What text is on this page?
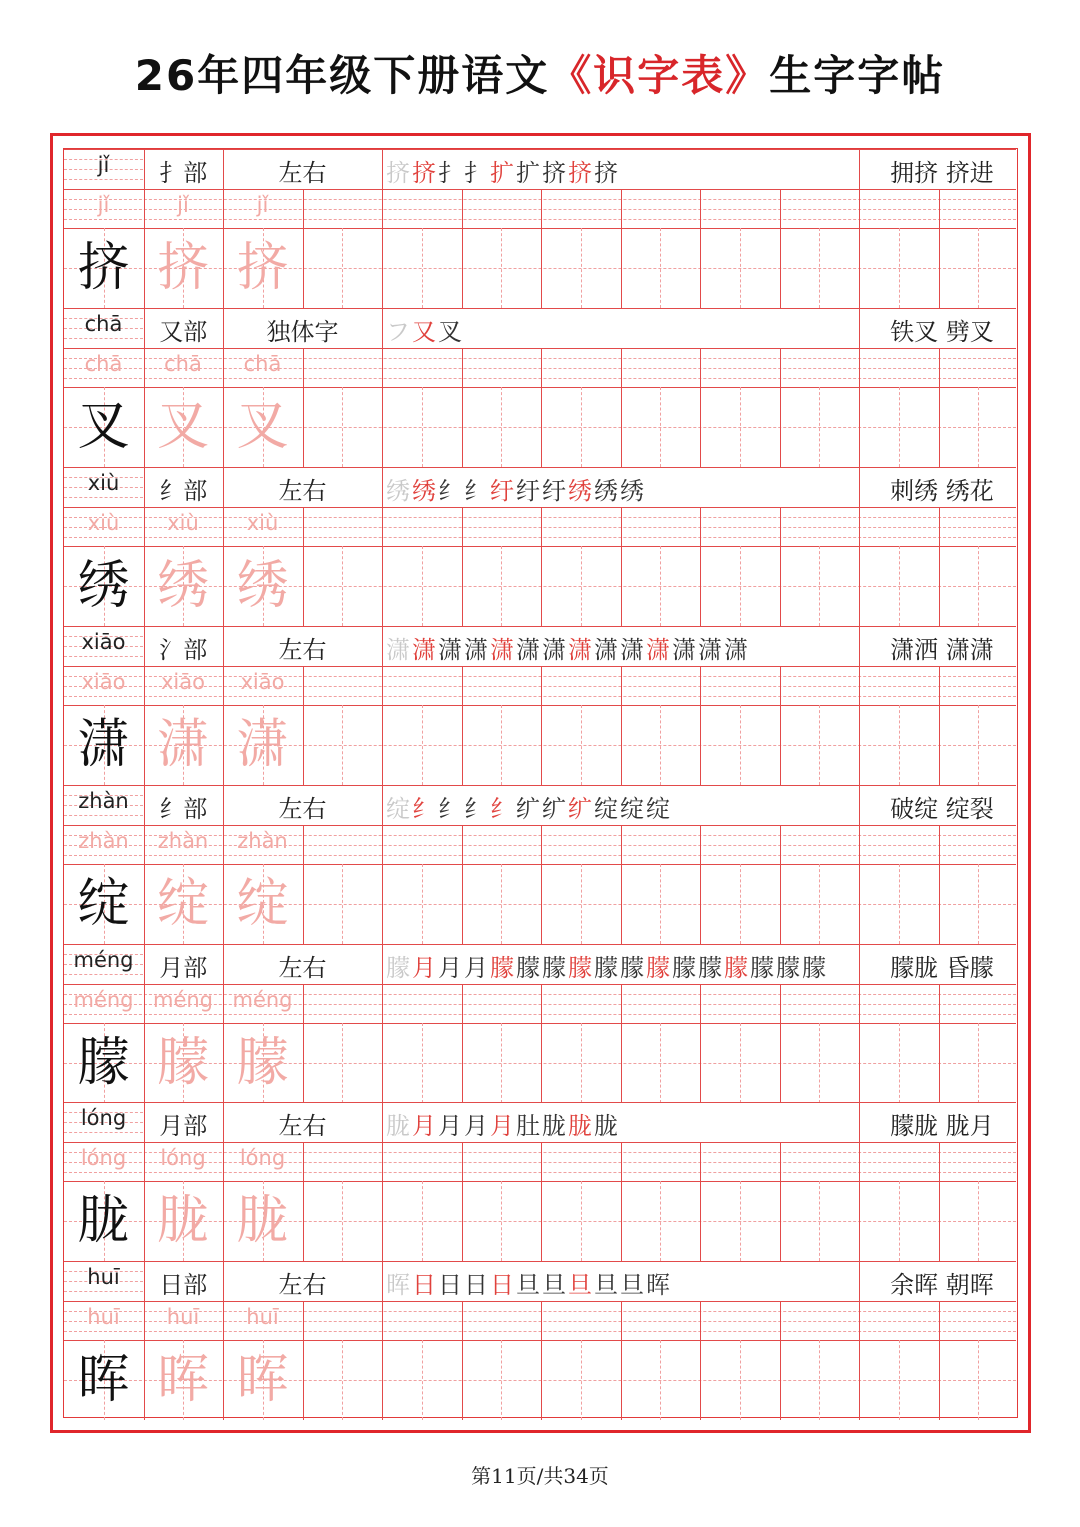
26年四年级下册语文《识字表》生字字帖
jǐ	扌部	左右	挤挤扌扌扩扩挤挤挤	拥挤 挤进
jǐ	jǐ	jǐ
挤 挤 挤
chā	又部	独体字	フ又叉	铁叉 劈叉
chā	chā	chā
叉 叉 叉
xiù	纟部	左右	绣绣纟纟纡纡纡绣绣绣	刺绣 绣花
xiù	xiù	xiù
绣 绣 绣
xiāo	氵部	左右	潇潇潇潇潇潇潇潇潇潇潇潇潇潇	潇洒 潇潇
xiāo	xiāo	xiāo
潇 潇 潇
zhàn	纟部	左右	绽纟纟纟纟纩纩纩绽绽绽	破绽 绽裂
zhàn	zhàn	zhàn
绽 绽 绽
méng	月部	左右	朦月月月朦朦朦朦朦朦朦朦朦朦朦朦朦	朦胧 昏朦
méng méng méng
朦 朦 朦
lóng	月部	左右	胧月月月月肚胧胧胧	朦胧 胧月
lóng	lóng	lóng
胧 胧 胧
huī	日部	左右	晖日日日日旦旦旦旦旦晖	余晖 朝晖
huī	huī	huī
晖 晖 晖
第11页/共34页
